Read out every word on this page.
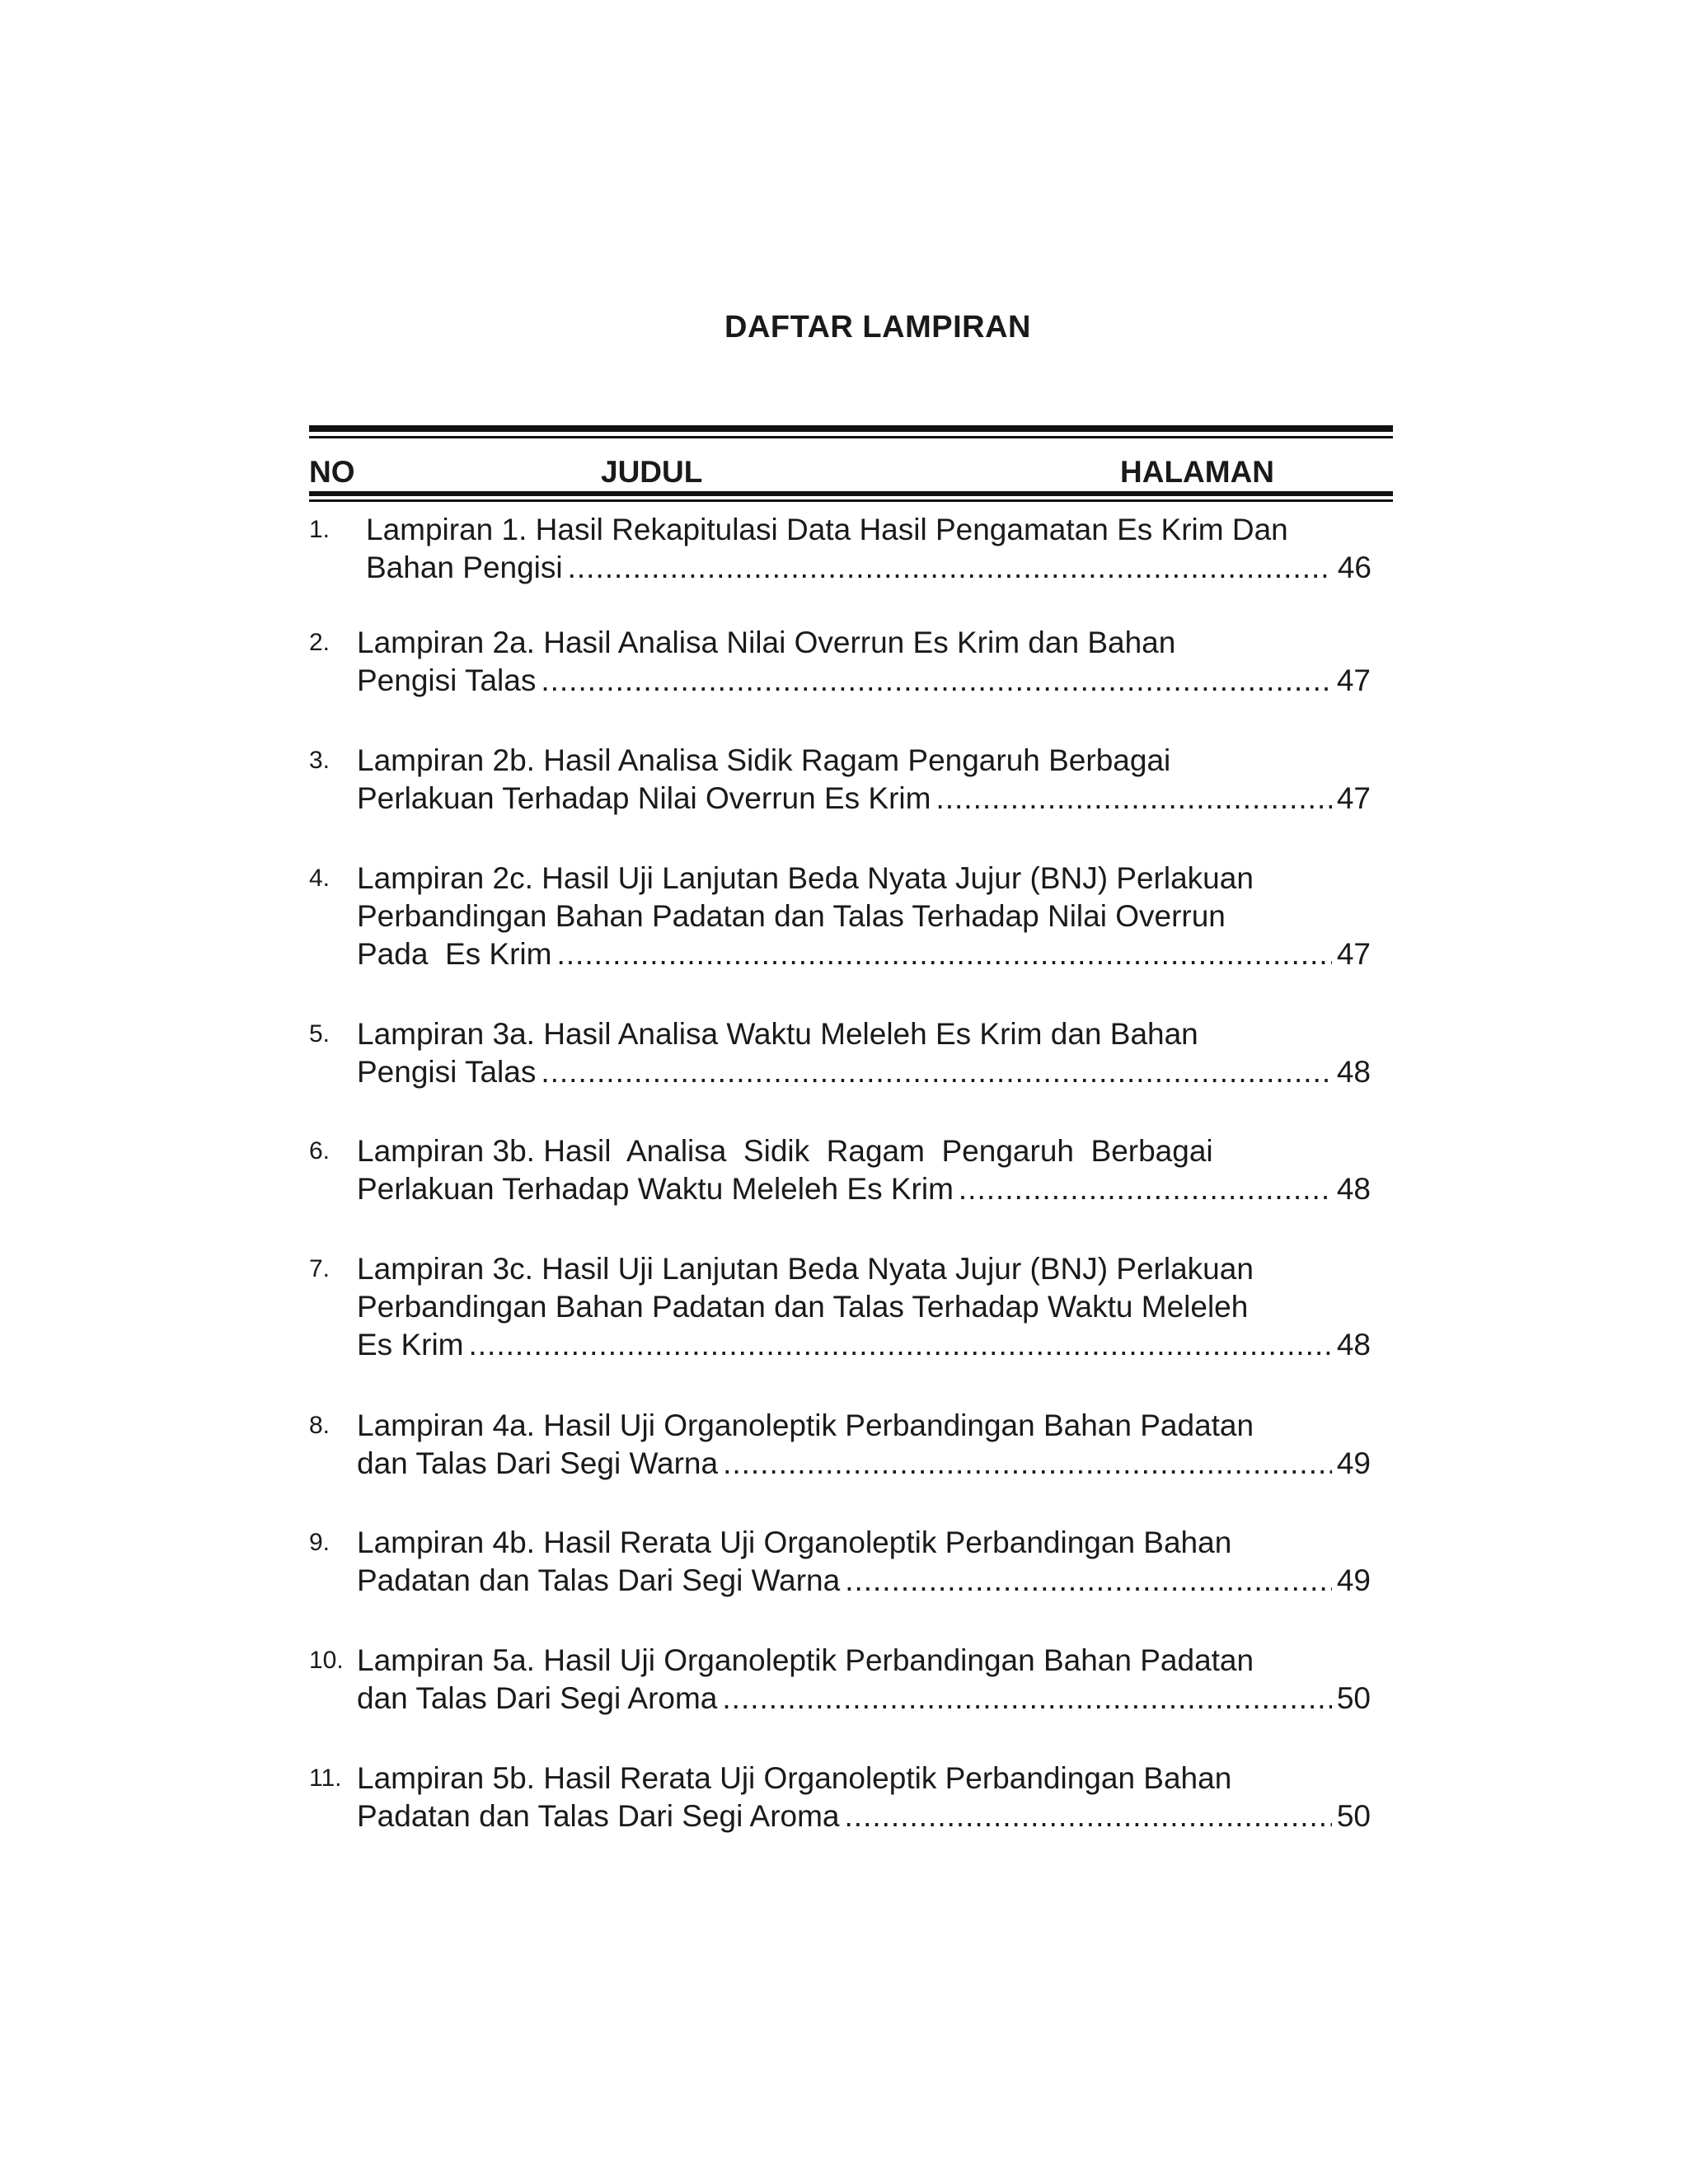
DAFTAR LAMPIRAN
NO	JUDUL	HALAMAN
1. Lampiran 1. Hasil Rekapitulasi Data Hasil Pengamatan Es Krim Dan
Bahan Pengisi .....	46
2. Lampiran 2a. Hasil Analisa Nilai Overrun Es Krim dan Bahan
Pengisi Talas .....	47
3. Lampiran 2b. Hasil Analisa Sidik Ragam Pengaruh Berbagai
Perlakuan Terhadap Nilai Overrun Es Krim .....	47
4. Lampiran 2c. Hasil Uji Lanjutan Beda Nyata Jujur (BNJ) Perlakuan
Perbandingan Bahan Padatan dan Talas Terhadap Nilai Overrun
Pada  Es Krim .....	47
5. Lampiran 3a. Hasil Analisa Waktu Meleleh Es Krim dan Bahan
Pengisi Talas .....	48
6. Lampiran 3b. Hasil  Analisa  Sidik  Ragam  Pengaruh  Berbagai
Perlakuan Terhadap Waktu Meleleh Es Krim .....	48
7. Lampiran 3c. Hasil Uji Lanjutan Beda Nyata Jujur (BNJ) Perlakuan
Perbandingan Bahan Padatan dan Talas Terhadap Waktu Meleleh
Es Krim .....	48
8. Lampiran 4a. Hasil Uji Organoleptik Perbandingan Bahan Padatan
dan Talas Dari Segi Warna .....	49
9. Lampiran 4b. Hasil Rerata Uji Organoleptik Perbandingan Bahan
Padatan dan Talas Dari Segi Warna .....	49
10. Lampiran 5a. Hasil Uji Organoleptik Perbandingan Bahan Padatan
dan Talas Dari Segi Aroma .....	50
11. Lampiran 5b. Hasil Rerata Uji Organoleptik Perbandingan Bahan
Padatan dan Talas Dari Segi Aroma .....	50
